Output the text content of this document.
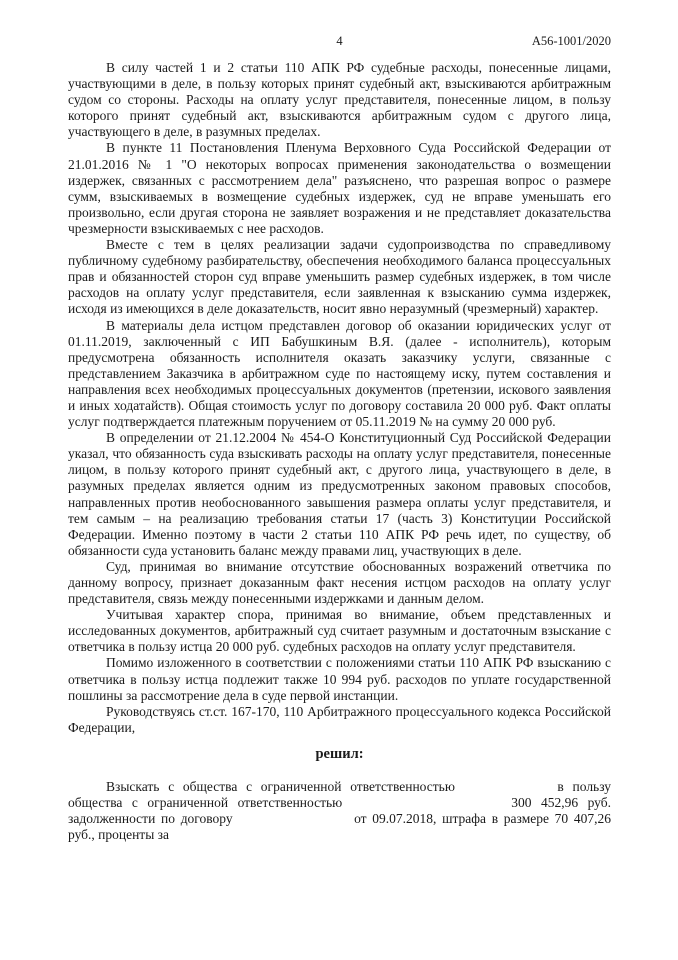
4	А56-1001/2020

В силу частей 1 и 2 статьи 110 АПК РФ судебные расходы, понесенные лицами, участвующими в деле, в пользу которых принят судебный акт, взыскиваются арбитражным судом со стороны. Расходы на оплату услуг представителя, понесенные лицом, в пользу которого принят судебный акт, взыскиваются арбитражным судом с другого лица, участвующего в деле, в разумных пределах.

В пункте 11 Постановления Пленума Верховного Суда Российской Федерации от 21.01.2016 № 1 "О некоторых вопросах применения законодательства о возмещении издержек, связанных с рассмотрением дела" разъяснено, что разрешая вопрос о размере сумм, взыскиваемых в возмещение судебных издержек, суд не вправе уменьшать его произвольно, если другая сторона не заявляет возражения и не представляет доказательства чрезмерности взыскиваемых с нее расходов.

Вместе с тем в целях реализации задачи судопроизводства по справедливому публичному судебному разбирательству, обеспечения необходимого баланса процессуальных прав и обязанностей сторон суд вправе уменьшить размер судебных издержек, в том числе расходов на оплату услуг представителя, если заявленная к взысканию сумма издержек, исходя из имеющихся в деле доказательств, носит явно неразумный (чрезмерный) характер.

В материалы дела истцом представлен договор об оказании юридических услуг от 01.11.2019, заключенный с ИП Бабушкиным В.Я. (далее - исполнитель), которым предусмотрена обязанность исполнителя оказать заказчику услуги, связанные с представлением Заказчика в арбитражном суде по настоящему иску, путем составления и направления всех необходимых процессуальных документов (претензии, искового заявления и иных ходатайств). Общая стоимость услуг по договору составила 20 000 руб. Факт оплаты услуг подтверждается платежным поручением от 05.11.2019 № на сумму 20 000 руб.

В определении от 21.12.2004 № 454-О Конституционный Суд Российской Федерации указал, что обязанность суда взыскивать расходы на оплату услуг представителя, понесенные лицом, в пользу которого принят судебный акт, с другого лица, участвующего в деле, в разумных пределах является одним из предусмотренных законом правовых способов, направленных против необоснованного завышения размера оплаты услуг представителя, и тем самым – на реализацию требования статьи 17 (часть 3) Конституции Российской Федерации. Именно поэтому в части 2 статьи 110 АПК РФ речь идет, по существу, об обязанности суда установить баланс между правами лиц, участвующих в деле.

Суд, принимая во внимание отсутствие обоснованных возражений ответчика по данному вопросу, признает доказанным факт несения истцом расходов на оплату услуг представителя, связь между понесенными издержками и данным делом.

Учитывая характер спора, принимая во внимание, объем представленных и исследованных документов, арбитражный суд считает разумным и достаточным взыскание с ответчика в пользу истца 20 000 руб. судебных расходов на оплату услуг представителя.

Помимо изложенного в соответствии с положениями статьи 110 АПК РФ взысканию с ответчика в пользу истца подлежит также 10 994 руб. расходов по уплате государственной пошлины за рассмотрение дела в суде первой инстанции.

Руководствуясь ст.ст. 167-170, 110 Арбитражного процессуального кодекса Российской Федерации,

решил:

Взыскать с общества с ограниченной ответственностью	в пользу общества с ограниченной ответственностью	300 452,96 руб. задолженности по договору	от 09.07.2018, штрафа в размере 70 407,26 руб., проценты за
